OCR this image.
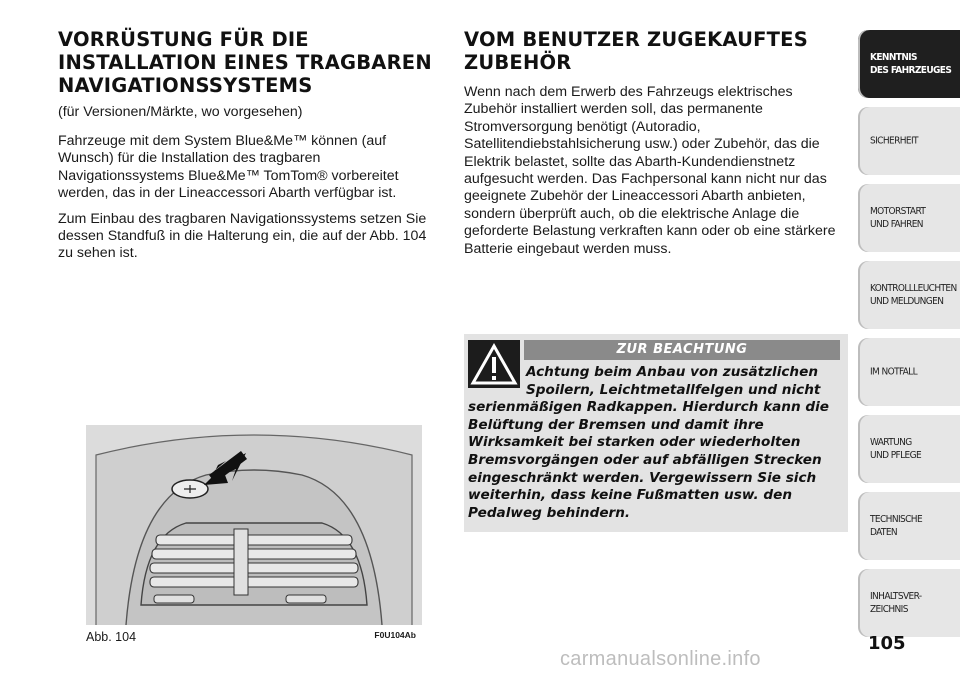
VORRÜSTUNG FÜR DIE INSTALLATION EINES TRAGBAREN NAVIGATIONSSYSTEMS
(für Versionen/Märkte, wo vorgesehen)

Fahrzeuge mit dem System Blue&Me™ können (auf Wunsch) für die Installation des tragbaren Navigationssystems Blue&Me™ TomTom® vorbereitet werden, das in der Lineaccessori Abarth verfügbar ist.

Zum Einbau des tragbaren Navigationssystems setzen Sie dessen Standfuß in die Halterung ein, die auf der Abb. 104 zu sehen ist.

VOM BENUTZER ZUGEKAUFTES ZUBEHÖR

Wenn nach dem Erwerb des Fahrzeugs elektrisches Zubehör installiert werden soll, das permanente Stromversorgung benötigt (Autoradio, Satellitendiebstahlsicherung usw.) oder Zubehör, das die Elektrik belastet, sollte das Abarth-Kundendienstnetz aufgesucht werden. Das Fachpersonal kann nicht nur das geeignete Zubehör der Lineaccessori Abarth anbieten, sondern überprüft auch, ob die elektrische Anlage die geforderte Belastung verkraften kann oder ob eine stärkere Batterie eingebaut werden muss.

ZUR BEACHTUNG
Achtung beim Anbau von zusätzlichen Spoilern, Leichtmetallfelgen und nicht serienmäßigen Radkappen. Hierdurch kann die Belüftung der Bremsen und damit ihre Wirksamkeit bei starken oder wiederholten Bremsvorgängen oder auf abfälligen Strecken eingeschränkt werden. Vergewissern Sie sich weiterhin, dass keine Fußmatten usw. den Pedalweg behindern.
Abb. 104	F0U104Ab
KENNTNIS
DES FAHRZEUGES
SICHERHEIT
MOTORSTART
UND FAHREN
KONTROLLLEUCHTEN
UND MELDUNGEN
IM NOTFALL
WARTUNG
UND PFLEGE
TECHNISCHE
DATEN
INHALTSVER-
ZEICHNIS
105
carmanualsonline.info
